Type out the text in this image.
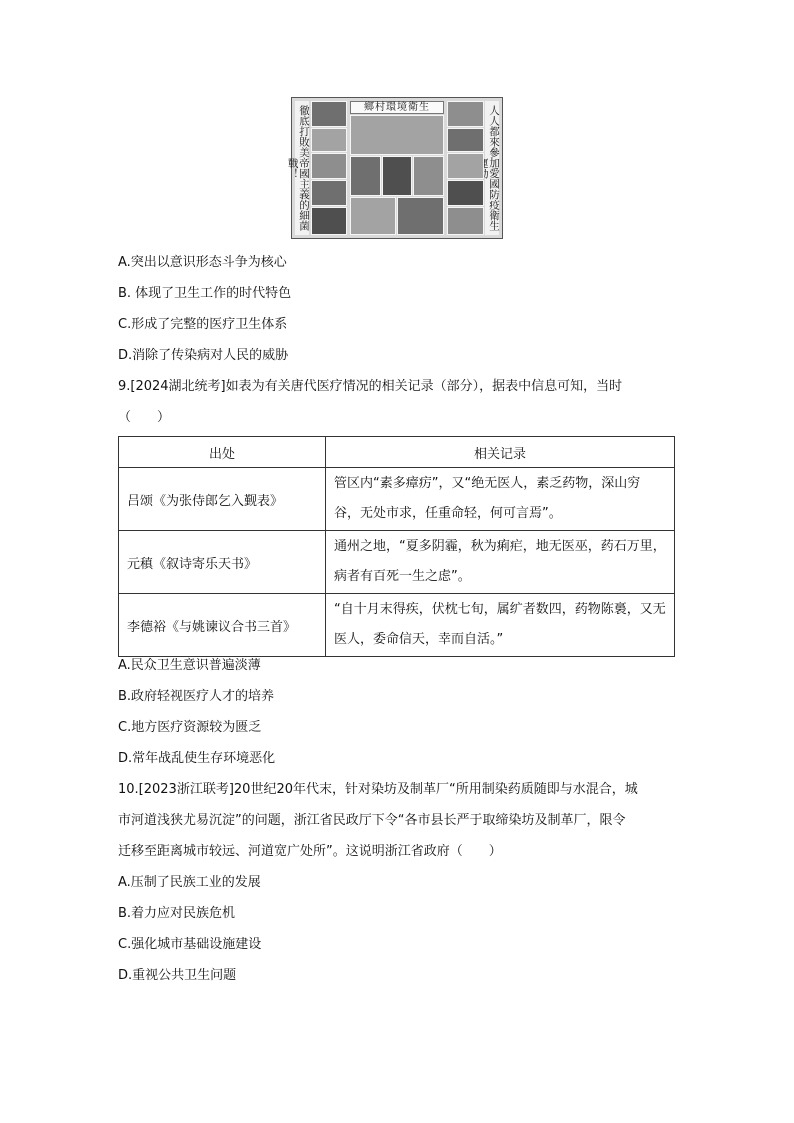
徹底打敗美帝國主義的細菌戰！
人人都來參加愛國防疫衛生
鄉村環境衛生
A.突出以意识形态斗争为核心
B. 体现了卫生工作的时代特色
C.形成了完整的医疗卫生体系
D.消除了传染病对人民的威胁
9.[2024湖北统考]如表为有关唐代医疗情况的相关记录（部分），据表中信息可知，当时
（　　）
出处	相关记录
吕颂《为张侍郎乞入觐表》	管区内“素多瘴疠”，又“绝无医人，素乏药物，深山穷谷，无处市求，任重命轻，何可言焉”。
元稹《叙诗寄乐天书》	通州之地，“夏多阴霾，秋为痢疟，地无医巫，药石万里，病者有百死一生之虑”。
李德裕《与姚谏议合书三首》	“自十月末得疾，伏枕七旬，属纩者数四，药物陈裛，又无医人，委命信天，幸而自活。”
A.民众卫生意识普遍淡薄
B.政府轻视医疗人才的培养
C.地方医疗资源较为匮乏
D.常年战乱使生存环境恶化
10.[2023浙江联考]20世纪20年代末，针对染坊及制革厂“所用制染药质随即与水混合，城
市河道浅狭尤易沉淀”的问题，浙江省民政厅下令“各市县长严于取缔染坊及制革厂，限令
迁移至距离城市较远、河道宽广处所”。这说明浙江省政府（　　）
A.压制了民族工业的发展
B.着力应对民族危机
C.强化城市基础设施建设
D.重视公共卫生问题
